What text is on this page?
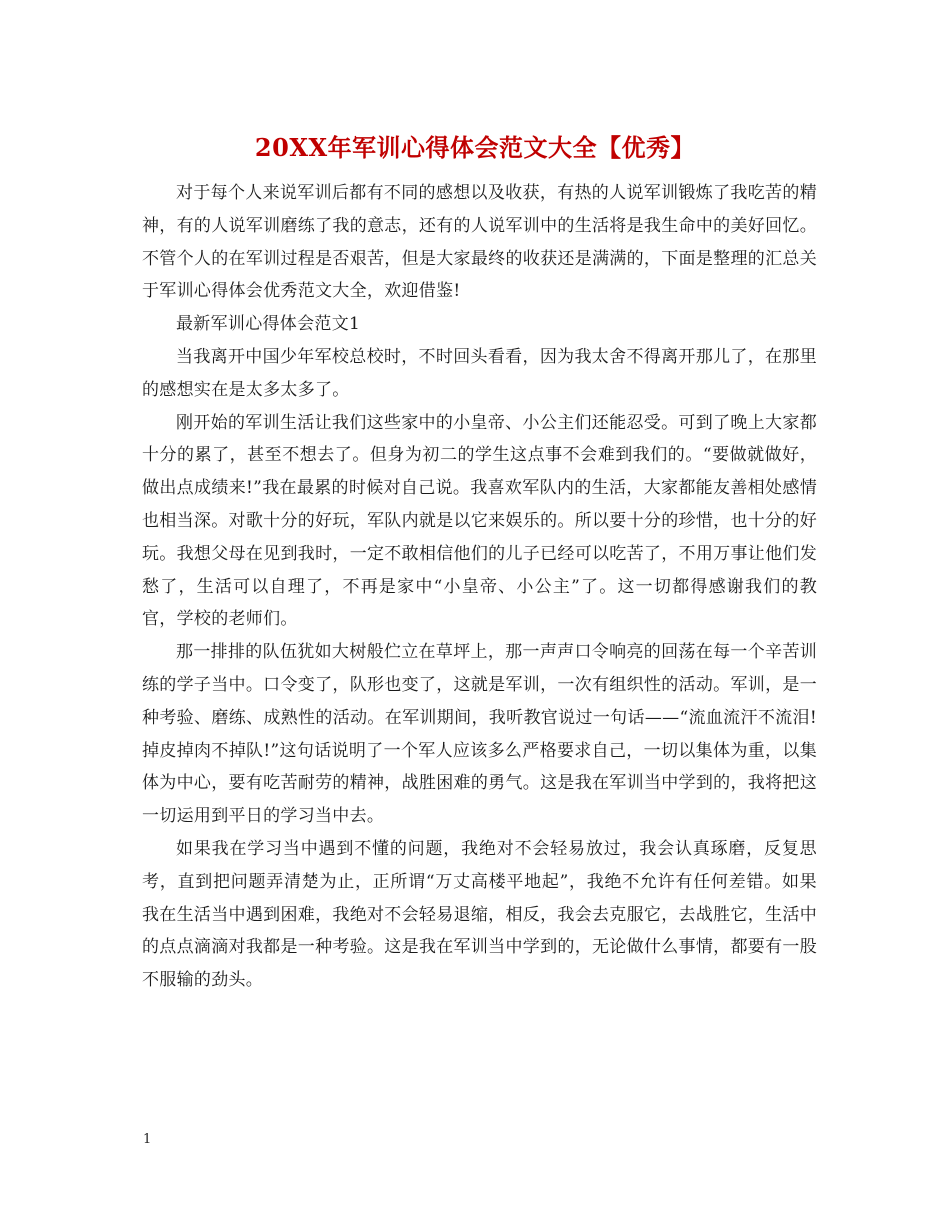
20XX年军训心得体会范文大全【优秀】

对于每个人来说军训后都有不同的感想以及收获，有热的人说军训锻炼了我吃苦的精神，有的人说军训磨练了我的意志，还有的人说军训中的生活将是我生命中的美好回忆。不管个人的在军训过程是否艰苦，但是大家最终的收获还是满满的，下面是整理的汇总关于军训心得体会优秀范文大全，欢迎借鉴!

最新军训心得体会范文1

当我离开中国少年军校总校时，不时回头看看，因为我太舍不得离开那儿了，在那里的感想实在是太多太多了。

刚开始的军训生活让我们这些家中的小皇帝、小公主们还能忍受。可到了晚上大家都十分的累了，甚至不想去了。但身为初二的学生这点事不会难到我们的。“要做就做好，做出点成绩来!”我在最累的时候对自己说。我喜欢军队内的生活，大家都能友善相处感情也相当深。对歌十分的好玩，军队内就是以它来娱乐的。所以要十分的珍惜，也十分的好玩。我想父母在见到我时，一定不敢相信他们的儿子已经可以吃苦了，不用万事让他们发愁了，生活可以自理了，不再是家中“小皇帝、小公主”了。这一切都得感谢我们的教官，学校的老师们。

那一排排的队伍犹如大树般伫立在草坪上，那一声声口令响亮的回荡在每一个辛苦训练的学子当中。口令变了，队形也变了，这就是军训，一次有组织性的活动。军训，是一种考验、磨练、成熟性的活动。在军训期间，我听教官说过一句话——“流血流汗不流泪!掉皮掉肉不掉队!”这句话说明了一个军人应该多么严格要求自己，一切以集体为重，以集体为中心，要有吃苦耐劳的精神，战胜困难的勇气。这是我在军训当中学到的，我将把这一切运用到平日的学习当中去。

如果我在学习当中遇到不懂的问题，我绝对不会轻易放过，我会认真琢磨，反复思考，直到把问题弄清楚为止，正所谓“万丈高楼平地起”，我绝不允许有任何差错。如果我在生活当中遇到困难，我绝对不会轻易退缩，相反，我会去克服它，去战胜它，生活中的点点滴滴对我都是一种考验。这是我在军训当中学到的，无论做什么事情，都要有一股不服输的劲头。

1
